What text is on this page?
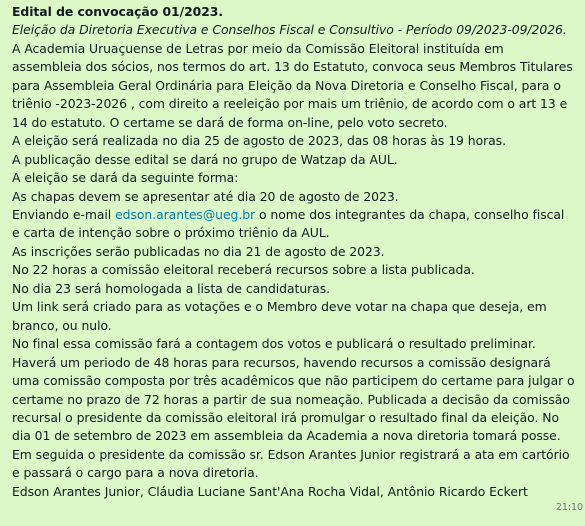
Edital de convocação 01/2023.
Eleição da Diretoria Executiva e Conselhos Fiscal e Consultivo - Período 09/2023-09/2026.
A Academia Uruaçuense de Letras por meio da Comissão Eleitoral instituída em
assembleia dos sócios, nos termos do art. 13 do Estatuto, convoca seus Membros Titulares
para Assembleia Geral Ordinária para Eleição da Nova Diretoria e Conselho Fiscal, para o
triênio -2023-2026 , com direito a reeleição por mais um triênio, de acordo com o art 13 e
14 do estatuto. O certame se dará de forma on-line, pelo voto secreto.
A eleição será realizada no dia 25 de agosto de 2023, das 08 horas às 19 horas.
A publicação desse edital se dará no grupo de Watzap da AUL.
A eleição se dará da seguinte forma:
As chapas devem se apresentar até dia 20 de agosto de 2023.
Enviando e-mail edson.arantes@ueg.br o nome dos integrantes da chapa, conselho fiscal
e carta de intenção sobre o próximo triênio da AUL.
As inscrições serão publicadas no dia 21 de agosto de 2023.
No 22 horas a comissão eleitoral receberá recursos sobre a lista publicada.
No dia 23 será homologada a lista de candidaturas.
Um link será criado para as votações e o Membro deve votar na chapa que deseja, em
branco, ou nulo.
No final essa comissão fará a contagem dos votos e publicará o resultado preliminar.
Haverá um periodo de 48 horas para recursos, havendo recursos a comissão designará
uma comissão composta por três acadêmicos que não participem do certame para julgar o
certame no prazo de 72 horas a partir de sua nomeação. Publicada a decisão da comissão
recursal o presidente da comissão eleitoral irá promulgar o resultado final da eleição. No
dia 01 de setembro de 2023 em assembleia da Academia a nova diretoria tomará posse.
Em seguida o presidente da comissão sr. Edson Arantes Junior registrará a ata em cartório
e passará o cargo para a nova diretoria.
Edson Arantes Junior, Cláudia Luciane Sant'Ana Rocha Vidal, Antônio Ricardo Eckert
21:10
